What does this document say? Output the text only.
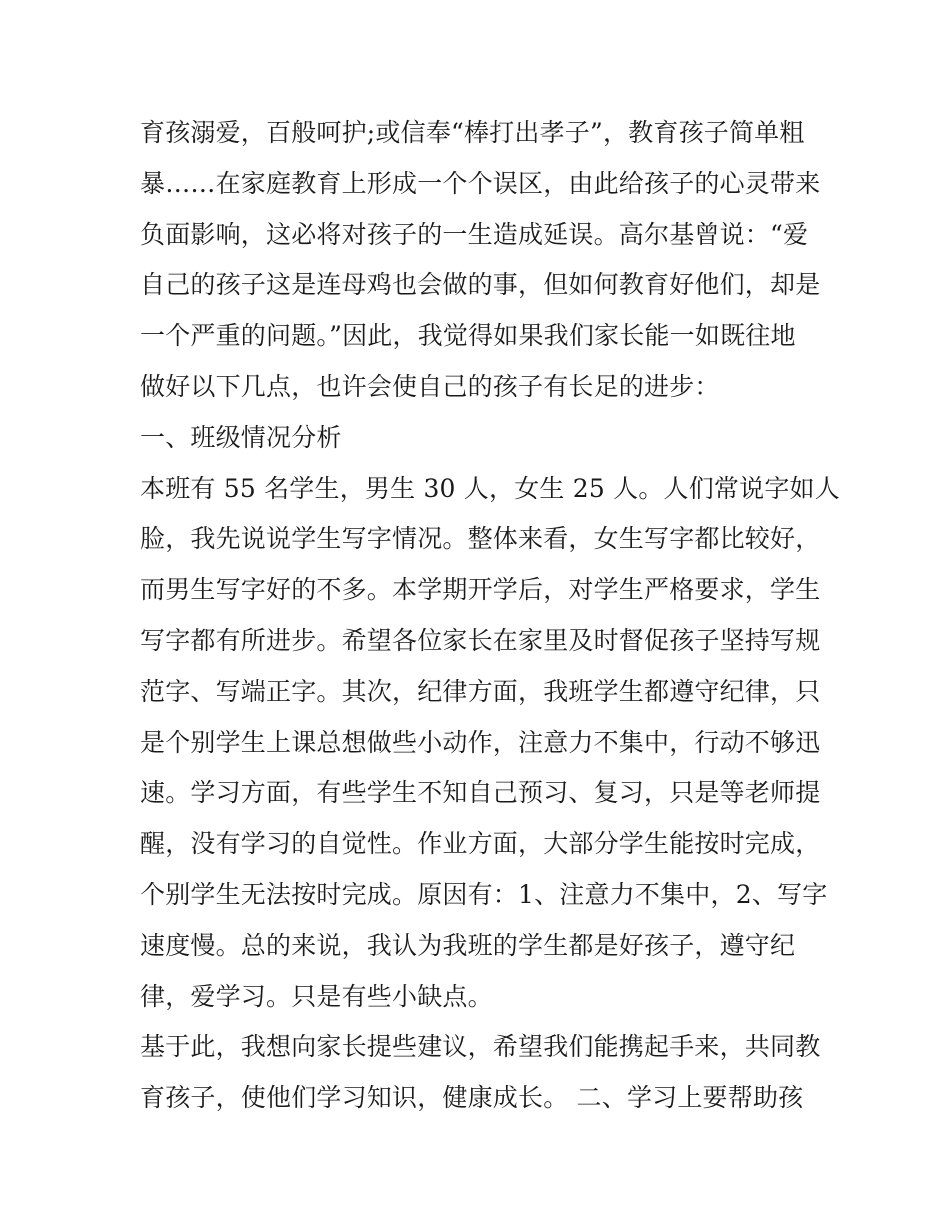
育孩溺爱，百般呵护;或信奉“棒打出孝子”，教育孩子简单粗
暴……在家庭教育上形成一个个误区，由此给孩子的心灵带来
负面影响，这必将对孩子的一生造成延误。高尔基曾说：“爱
自己的孩子这是连母鸡也会做的事，但如何教育好他们，却是
一个严重的问题。”因此，我觉得如果我们家长能一如既往地
做好以下几点，也许会使自己的孩子有长足的进步：
一、班级情况分析
本班有 55 名学生，男生 30 人，女生 25 人。人们常说字如人
脸，我先说说学生写字情况。整体来看，女生写字都比较好，
而男生写字好的不多。本学期开学后，对学生严格要求，学生
写字都有所进步。希望各位家长在家里及时督促孩子坚持写规
范字、写端正字。其次，纪律方面，我班学生都遵守纪律，只
是个别学生上课总想做些小动作，注意力不集中，行动不够迅
速。学习方面，有些学生不知自己预习、复习，只是等老师提
醒，没有学习的自觉性。作业方面，大部分学生能按时完成，
个别学生无法按时完成。原因有：1、注意力不集中，2、写字
速度慢。总的来说，我认为我班的学生都是好孩子，遵守纪
律，爱学习。只是有些小缺点。
基于此，我想向家长提些建议，希望我们能携起手来，共同教
育孩子，使他们学习知识，健康成长。 二、学习上要帮助孩
